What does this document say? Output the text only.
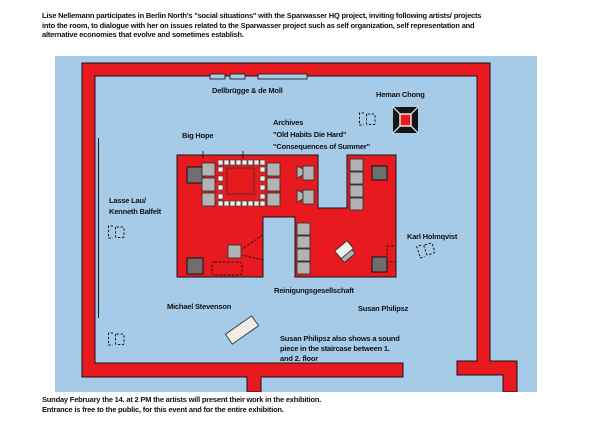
Lise Nellemann participates in Berlin North's "social situations" with the Sparwasser HQ project, inviting following artists/ projects
into the room, to dialogue with her on issues related to the Sparwasser project such as self organization, self representation and
alternative economies that evolve and sometimes establish.
Dellbrügge & de Moll	Heman Chong
Big Hope
Archives
"Old Habits Die Hard"
"Consequences of Summer"
Lasse Lau/
Kenneth Balfelt
Karl Holmqvist
Reinigungsgesellschaft
Michael Stevenson	Susan Philipsz
Susan Philipsz also shows a sound
piece in the staircase between 1.
and 2. floor
Sunday February the 14. at 2 PM the artists will present their work in the exhibition.
Entrance is free to the public, for this event and for the entire exhibition.
